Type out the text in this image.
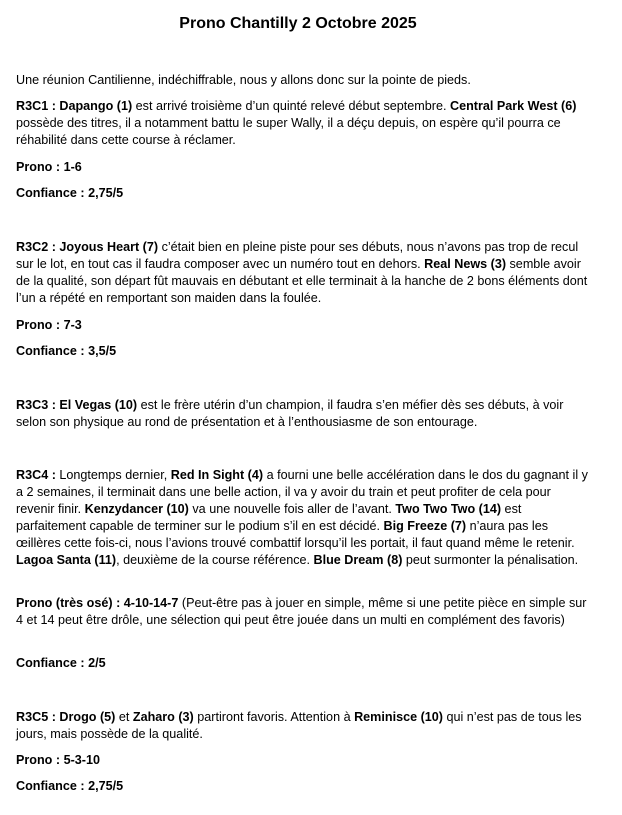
Prono Chantilly 2 Octobre 2025

Une réunion Cantilienne, indéchiffrable, nous y allons donc sur la pointe de pieds.

R3C1 : Dapango (1) est arrivé troisième d’un quinté relevé début septembre. Central Park West (6) possède des titres, il a notamment battu le super Wally, il a déçu depuis, on espère qu’il pourra ce réhabilité dans cette course à réclamer.

Prono : 1-6

Confiance : 2,75/5

R3C2 : Joyous Heart (7) c’était bien en pleine piste pour ses débuts, nous n’avons pas trop de recul sur le lot, en tout cas il faudra composer avec un numéro tout en dehors. Real News (3) semble avoir de la qualité, son départ fût mauvais en débutant et elle terminait à la hanche de 2 bons éléments dont l’un a répété en remportant son maiden dans la foulée.

Prono : 7-3

Confiance : 3,5/5

R3C3 : El Vegas (10) est le frère utérin d’un champion, il faudra s’en méfier dès ses débuts, à voir selon son physique au rond de présentation et à l’enthousiasme de son entourage.

R3C4 : Longtemps dernier, Red In Sight (4) a fourni une belle accélération dans le dos du gagnant il y a 2 semaines, il terminait dans une belle action, il va y avoir du train et peut profiter de cela pour revenir finir. Kenzydancer (10) va une nouvelle fois aller de l’avant. Two Two Two (14) est parfaitement capable de terminer sur le podium s’il en est décidé. Big Freeze (7) n’aura pas les œillères cette fois-ci, nous l’avions trouvé combattif lorsqu’il les portait, il faut quand même le retenir. Lagoa Santa (11), deuxième de la course référence. Blue Dream (8) peut surmonter la pénalisation.

Prono (très osé) : 4-10-14-7 (Peut-être pas à jouer en simple, même si une petite pièce en simple sur 4 et 14 peut être drôle, une sélection qui peut être jouée dans un multi en complément des favoris)

Confiance : 2/5

R3C5 : Drogo (5) et Zaharo (3) partiront favoris. Attention à Reminisce (10) qui n’est pas de tous les jours, mais possède de la qualité.

Prono : 5-3-10

Confiance : 2,75/5
